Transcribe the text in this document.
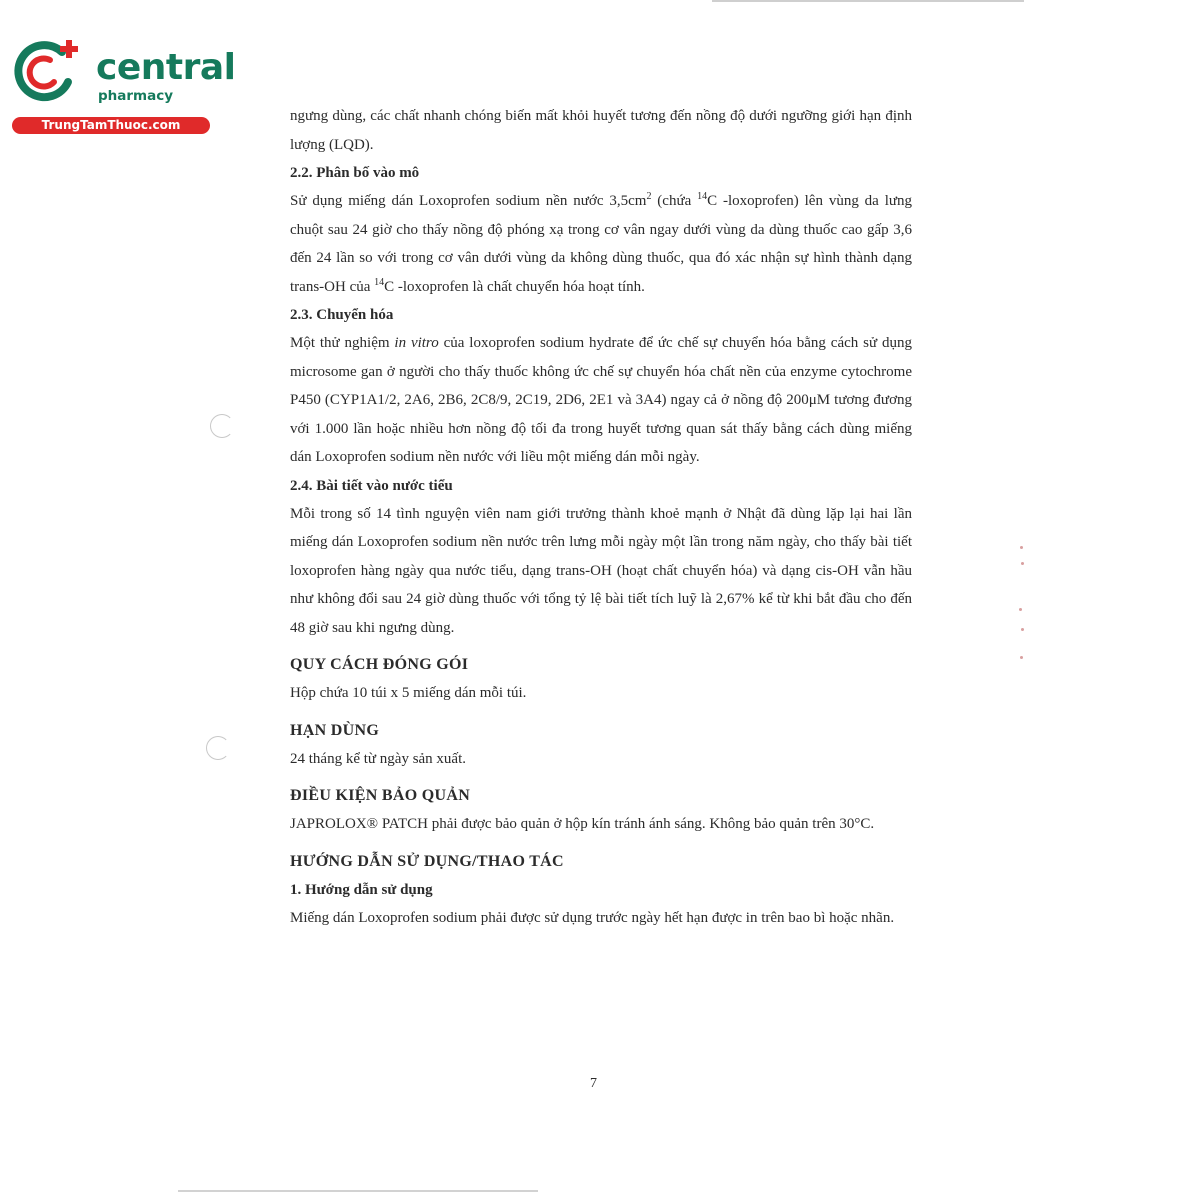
central
pharmacy
TrungTamThuoc.com

ngưng dùng, các chất nhanh chóng biến mất khỏi huyết tương đến nồng độ dưới ngưỡng giới hạn định lượng (LQD).

2.2. Phân bố vào mô

Sử dụng miếng dán Loxoprofen sodium nền nước $3,5cm^2$ (chứa $^{14}$C -loxoprofen) lên vùng da lưng chuột sau 24 giờ cho thấy nồng độ phóng xạ trong cơ vân ngay dưới vùng da dùng thuốc cao gấp 3,6 đến 24 lần so với trong cơ vân dưới vùng da không dùng thuốc, qua đó xác nhận sự hình thành dạng trans-OH của $^{14}$C -loxoprofen là chất chuyển hóa hoạt tính.

2.3. Chuyển hóa

Một thử nghiệm in vitro của loxoprofen sodium hydrate để ức chế sự chuyển hóa bằng cách sử dụng microsome gan ở người cho thấy thuốc không ức chế sự chuyển hóa chất nền của enzyme cytochrome P450 (CYP1A1/2, 2A6, 2B6, 2C8/9, 2C19, 2D6, 2E1 và 3A4) ngay cả ở nồng độ 200μM tương đương với 1.000 lần hoặc nhiều hơn nồng độ tối đa trong huyết tương quan sát thấy bằng cách dùng miếng dán Loxoprofen sodium nền nước với liều một miếng dán mỗi ngày.

2.4. Bài tiết vào nước tiểu

Mỗi trong số 14 tình nguyện viên nam giới trưởng thành khoẻ mạnh ở Nhật đã dùng lặp lại hai lần miếng dán Loxoprofen sodium nền nước trên lưng mỗi ngày một lần trong năm ngày, cho thấy bài tiết loxoprofen hàng ngày qua nước tiểu, dạng trans-OH (hoạt chất chuyển hóa) và dạng cis-OH vẫn hầu như không đổi sau 24 giờ dùng thuốc với tổng tỷ lệ bài tiết tích luỹ là 2,67% kể từ khi bắt đầu cho đến 48 giờ sau khi ngưng dùng.

QUY CÁCH ĐÓNG GÓI

Hộp chứa 10 túi x 5 miếng dán mỗi túi.

HẠN DÙNG

24 tháng kể từ ngày sản xuất.

ĐIỀU KIỆN BẢO QUẢN

JAPROLOX® PATCH phải được bảo quản ở hộp kín tránh ánh sáng. Không bảo quản trên 30°C.

HƯỚNG DẪN SỬ DỤNG/THAO TÁC
1. Hướng dẫn sử dụng

Miếng dán Loxoprofen sodium phải được sử dụng trước ngày hết hạn được in trên bao bì hoặc nhãn.

7
